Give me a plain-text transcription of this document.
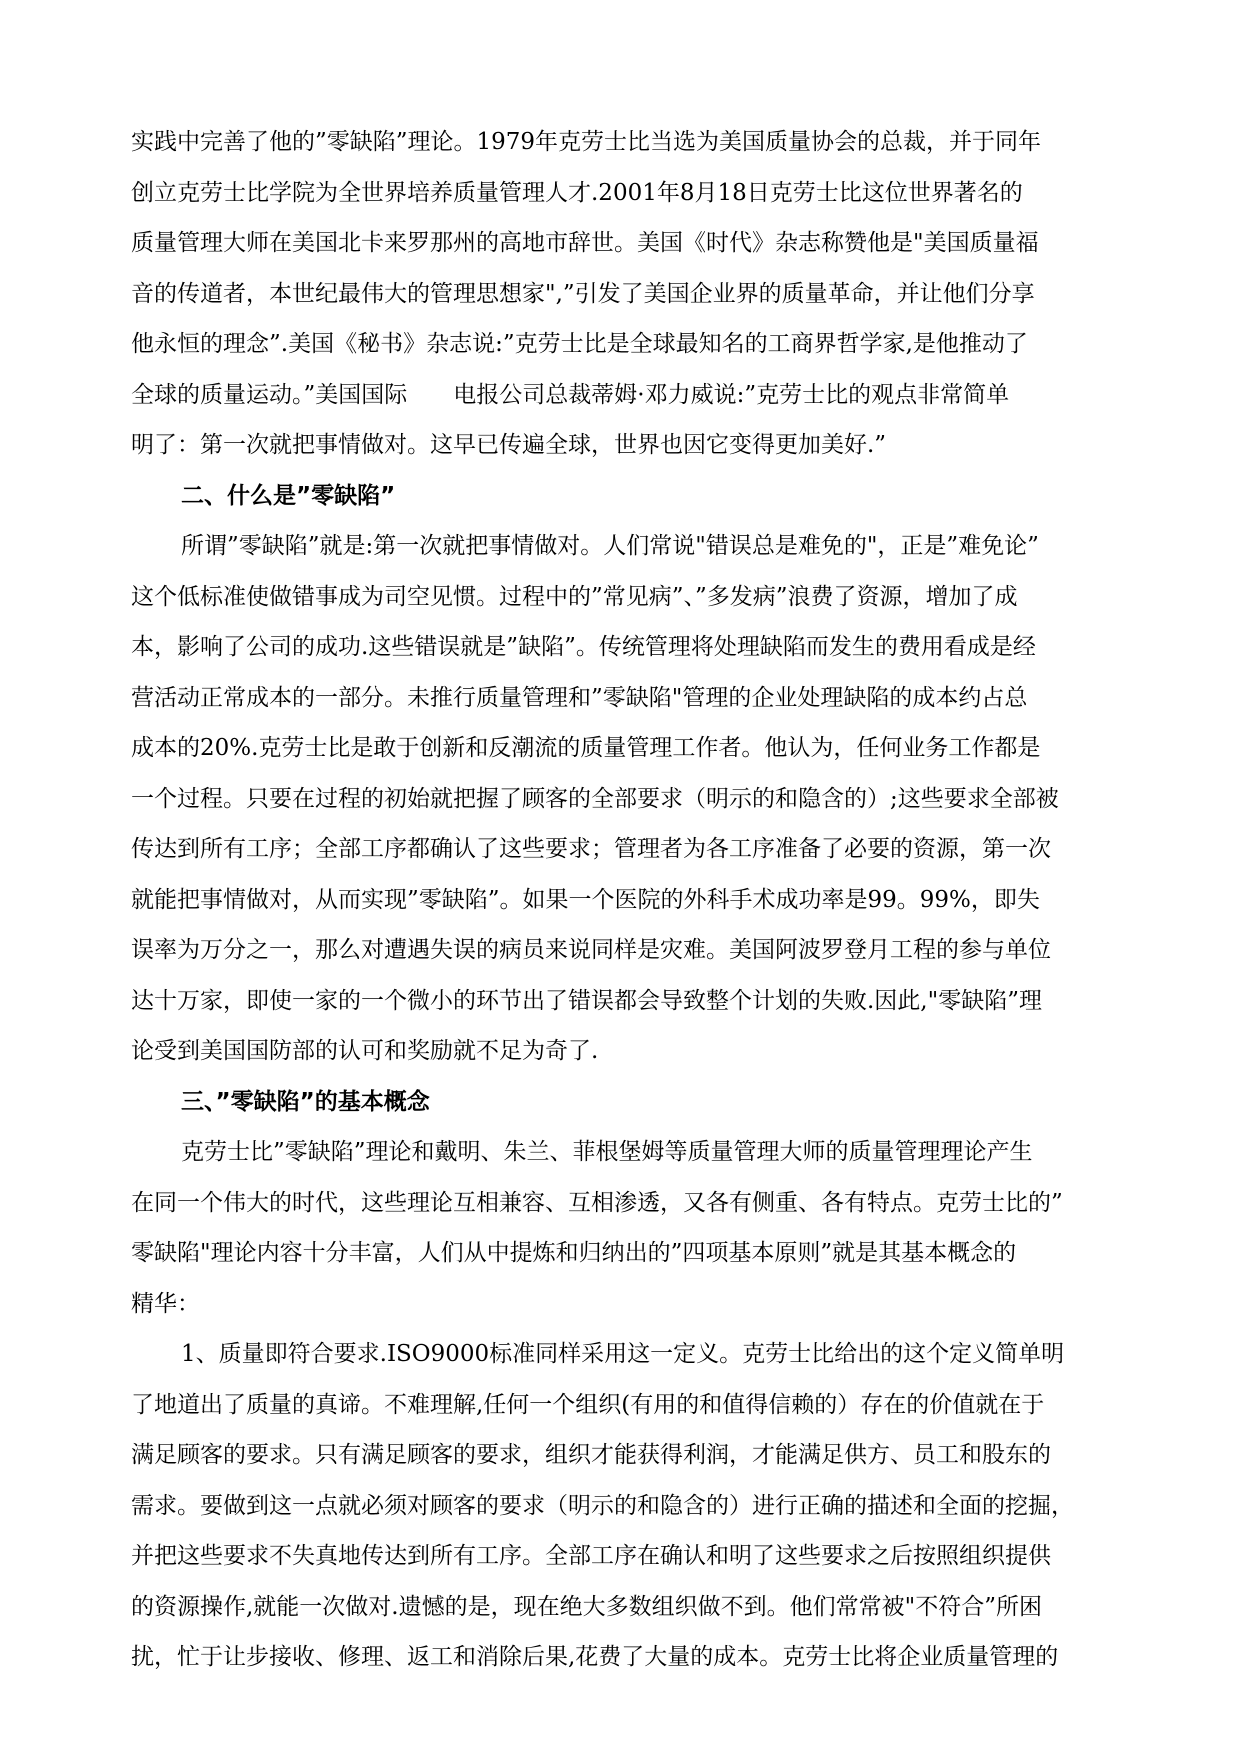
实践中完善了他的”零缺陷”理论。1979年克劳士比当选为美国质量协会的总裁，并于同年
创立克劳士比学院为全世界培养质量管理人才.2001年8月18日克劳士比这位世界著名的
质量管理大师在美国北卡来罗那州的高地市辞世。美国《时代》杂志称赞他是"美国质量福
音的传道者，本世纪最伟大的管理思想家",”引发了美国企业界的质量革命，并让他们分享
他永恒的理念”.美国《秘书》杂志说:”克劳士比是全球最知名的工商界哲学家,是他推动了
全球的质量运动。”美国国际　　电报公司总裁蒂姆·邓力威说:”克劳士比的观点非常简单
明了：第一次就把事情做对。这早已传遍全球，世界也因它变得更加美好.”
二、什么是”零缺陷”
所谓”零缺陷”就是:第一次就把事情做对。人们常说"错误总是难免的"，正是”难免论”
这个低标准使做错事成为司空见惯。过程中的”常见病”、”多发病”浪费了资源，增加了成
本，影响了公司的成功.这些错误就是”缺陷”。传统管理将处理缺陷而发生的费用看成是经
营活动正常成本的一部分。未推行质量管理和”零缺陷"管理的企业处理缺陷的成本约占总
成本的20%.克劳士比是敢于创新和反潮流的质量管理工作者。他认为，任何业务工作都是
一个过程。只要在过程的初始就把握了顾客的全部要求（明示的和隐含的）;这些要求全部被
传达到所有工序；全部工序都确认了这些要求；管理者为各工序准备了必要的资源，第一次
就能把事情做对，从而实现”零缺陷”。如果一个医院的外科手术成功率是99。99%，即失
误率为万分之一，那么对遭遇失误的病员来说同样是灾难。美国阿波罗登月工程的参与单位
达十万家，即使一家的一个微小的环节出了错误都会导致整个计划的失败.因此,"零缺陷”理
论受到美国国防部的认可和奖励就不足为奇了.
三、”零缺陷”的基本概念
克劳士比”零缺陷”理论和戴明、朱兰、菲根堡姆等质量管理大师的质量管理理论产生
在同一个伟大的时代，这些理论互相兼容、互相渗透，又各有侧重、各有特点。克劳士比的”
零缺陷"理论内容十分丰富，人们从中提炼和归纳出的”四项基本原则”就是其基本概念的
精华：
1、质量即符合要求.ISO9000标准同样采用这一定义。克劳士比给出的这个定义简单明
了地道出了质量的真谛。不难理解,任何一个组织(有用的和值得信赖的）存在的价值就在于
满足顾客的要求。只有满足顾客的要求，组织才能获得利润，才能满足供方、员工和股东的
需求。要做到这一点就必须对顾客的要求（明示的和隐含的）进行正确的描述和全面的挖掘，
并把这些要求不失真地传达到所有工序。全部工序在确认和明了这些要求之后按照组织提供
的资源操作,就能一次做对.遗憾的是，现在绝大多数组织做不到。他们常常被"不符合”所困
扰，忙于让步接收、修理、返工和消除后果,花费了大量的成本。克劳士比将企业质量管理的
